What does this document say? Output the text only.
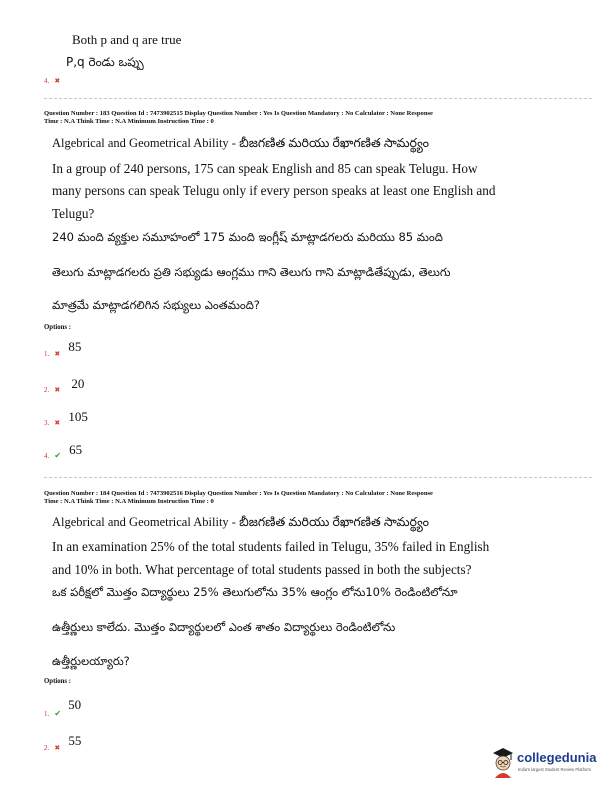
Both p and q are true
P,q రెండు ఒప్పు
4. ✖
Question Number : 183 Question Id : 7473902515 Display Question Number : Yes Is Question Mandatory : No Calculator : None Response
Time : N.A Think Time : N.A Minimum Instruction Time : 0
Algebrical and Geometrical Ability - బీజగణిత మరియు రేఖాగణిత సామర్థ్యం
In a group of 240 persons, 175 can speak English and 85 can speak Telugu. How
many persons can speak Telugu only if every person speaks at least one English and
Telugu?
240 మంది వ్యక్తుల సమూహంలో 175 మంది ఇంగ్లీష్ మాట్లాడగలరు మరియు 85 మంది
తెలుగు మాట్లాడగలరు ప్రతి సభ్యుడు ఆంగ్లము గాని తెలుగు గాని మాట్లాడితేప్పుడు, తెలుగు
మాత్రమే మాట్లాడగలిగిన సభ్యులు ఎంతమంది?
Options :
1. ✖ $^{85}$
2. ✖ $^{20}$
3. ✖ $^{105}$
4. ✔ $^{65}$
Question Number : 184 Question Id : 7473902516 Display Question Number : Yes Is Question Mandatory : No Calculator : None Response
Time : N.A Think Time : N.A Minimum Instruction Time : 0
Algebrical and Geometrical Ability - బీజగణిత మరియు రేఖాగణిత సామర్థ్యం
In an examination 25% of the total students failed in Telugu, 35% failed in English
and 10% in both. What percentage of total students passed in both the subjects?
ఒక పరీక్షలో మొత్తం విద్యార్థులు 25% తెలుగులోను 35% ఆంగ్లం లోను10% రెండింటిలోనూ
ఉత్తీర్ణులు కాలేదు. మొత్తం విద్యార్థులలో ఎంత శాతం విద్యార్థులు రెండింటిలోను
ఉత్తీర్ణులయ్యారు?
Options :
1. ✔ $^{50}$
2. ✖ $^{55}$
collegedunia
India's largest Student Review Platform
